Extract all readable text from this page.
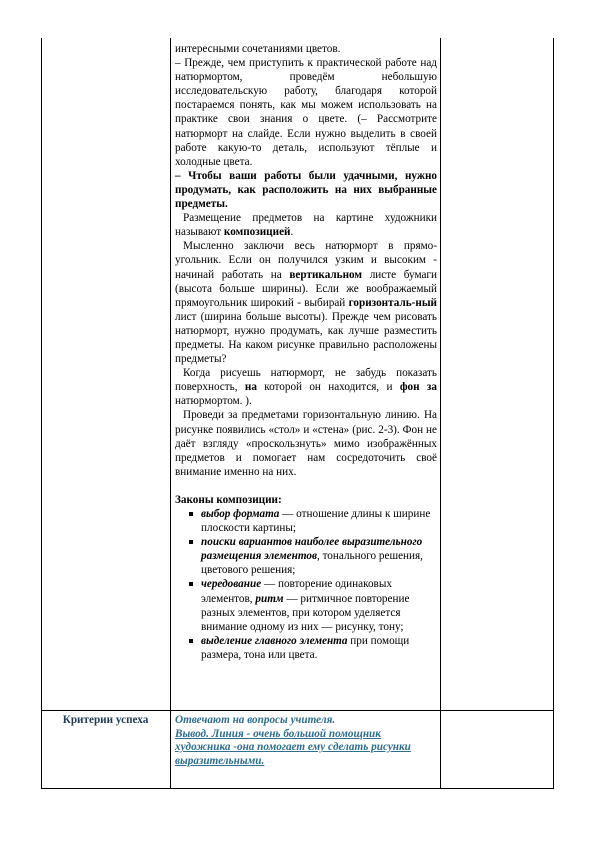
интересными сочетаниями цветов.

– Прежде, чем приступить к практической работе над натюрмортом, проведём небольшую исследовательскую работу, благодаря которой постараемся понять, как мы можем использовать на практике свои знания о цвете. (– Рассмотрите натюрморт на слайде. Если нужно выделить в своей работе какую-то деталь, используют тёплые и холодные цвета.

– Чтобы ваши работы были удачными, нужно продумать, как расположить на них выбранные предметы.

Размещение предметов на картине художники называют композицией.

Мысленно заключи весь натюрморт в прямо-угольник. Если он получился узким и высоким - начинай работать на вертикальном листе бумаги (высота больше ширины). Если же воображаемый прямоугольник широкий - выбирай горизонталь-ный лист (ширина больше высоты). Прежде чем рисовать натюрморт, нужно продумать, как лучше разместить предметы. На каком рисунке правильно расположены предметы?

Когда рисуешь натюрморт, не забудь показать поверхность, на которой он находится, и фон за натюрмортом. ).

Проведи за предметами горизонтальную линию. На рисунке появились «стол» и «стена» (рис. 2-3). Фон не даёт взгляду «проскользнуть» мимо изображённых предметов и помогает нам сосредоточить своё внимание именно на них.

Законы композиции:

выбор формата — отношение длины к ширине плоскости картины;
поиски вариантов наиболее выразительного размещения элементов, тонального решения, цветового решения;
чередование — повторение одинаковых элементов, ритм — ритмичное повторение разных элементов, при котором уделяется внимание одному из них — рисунку, тону;
выделение главного элемента при помощи размера, тона или цвета.
Критерии успеха	Отвечают на вопросы учителя.

Вывод. Линия - очень большой помощник художника -она помогает ему сделать рисунки выразительными.
